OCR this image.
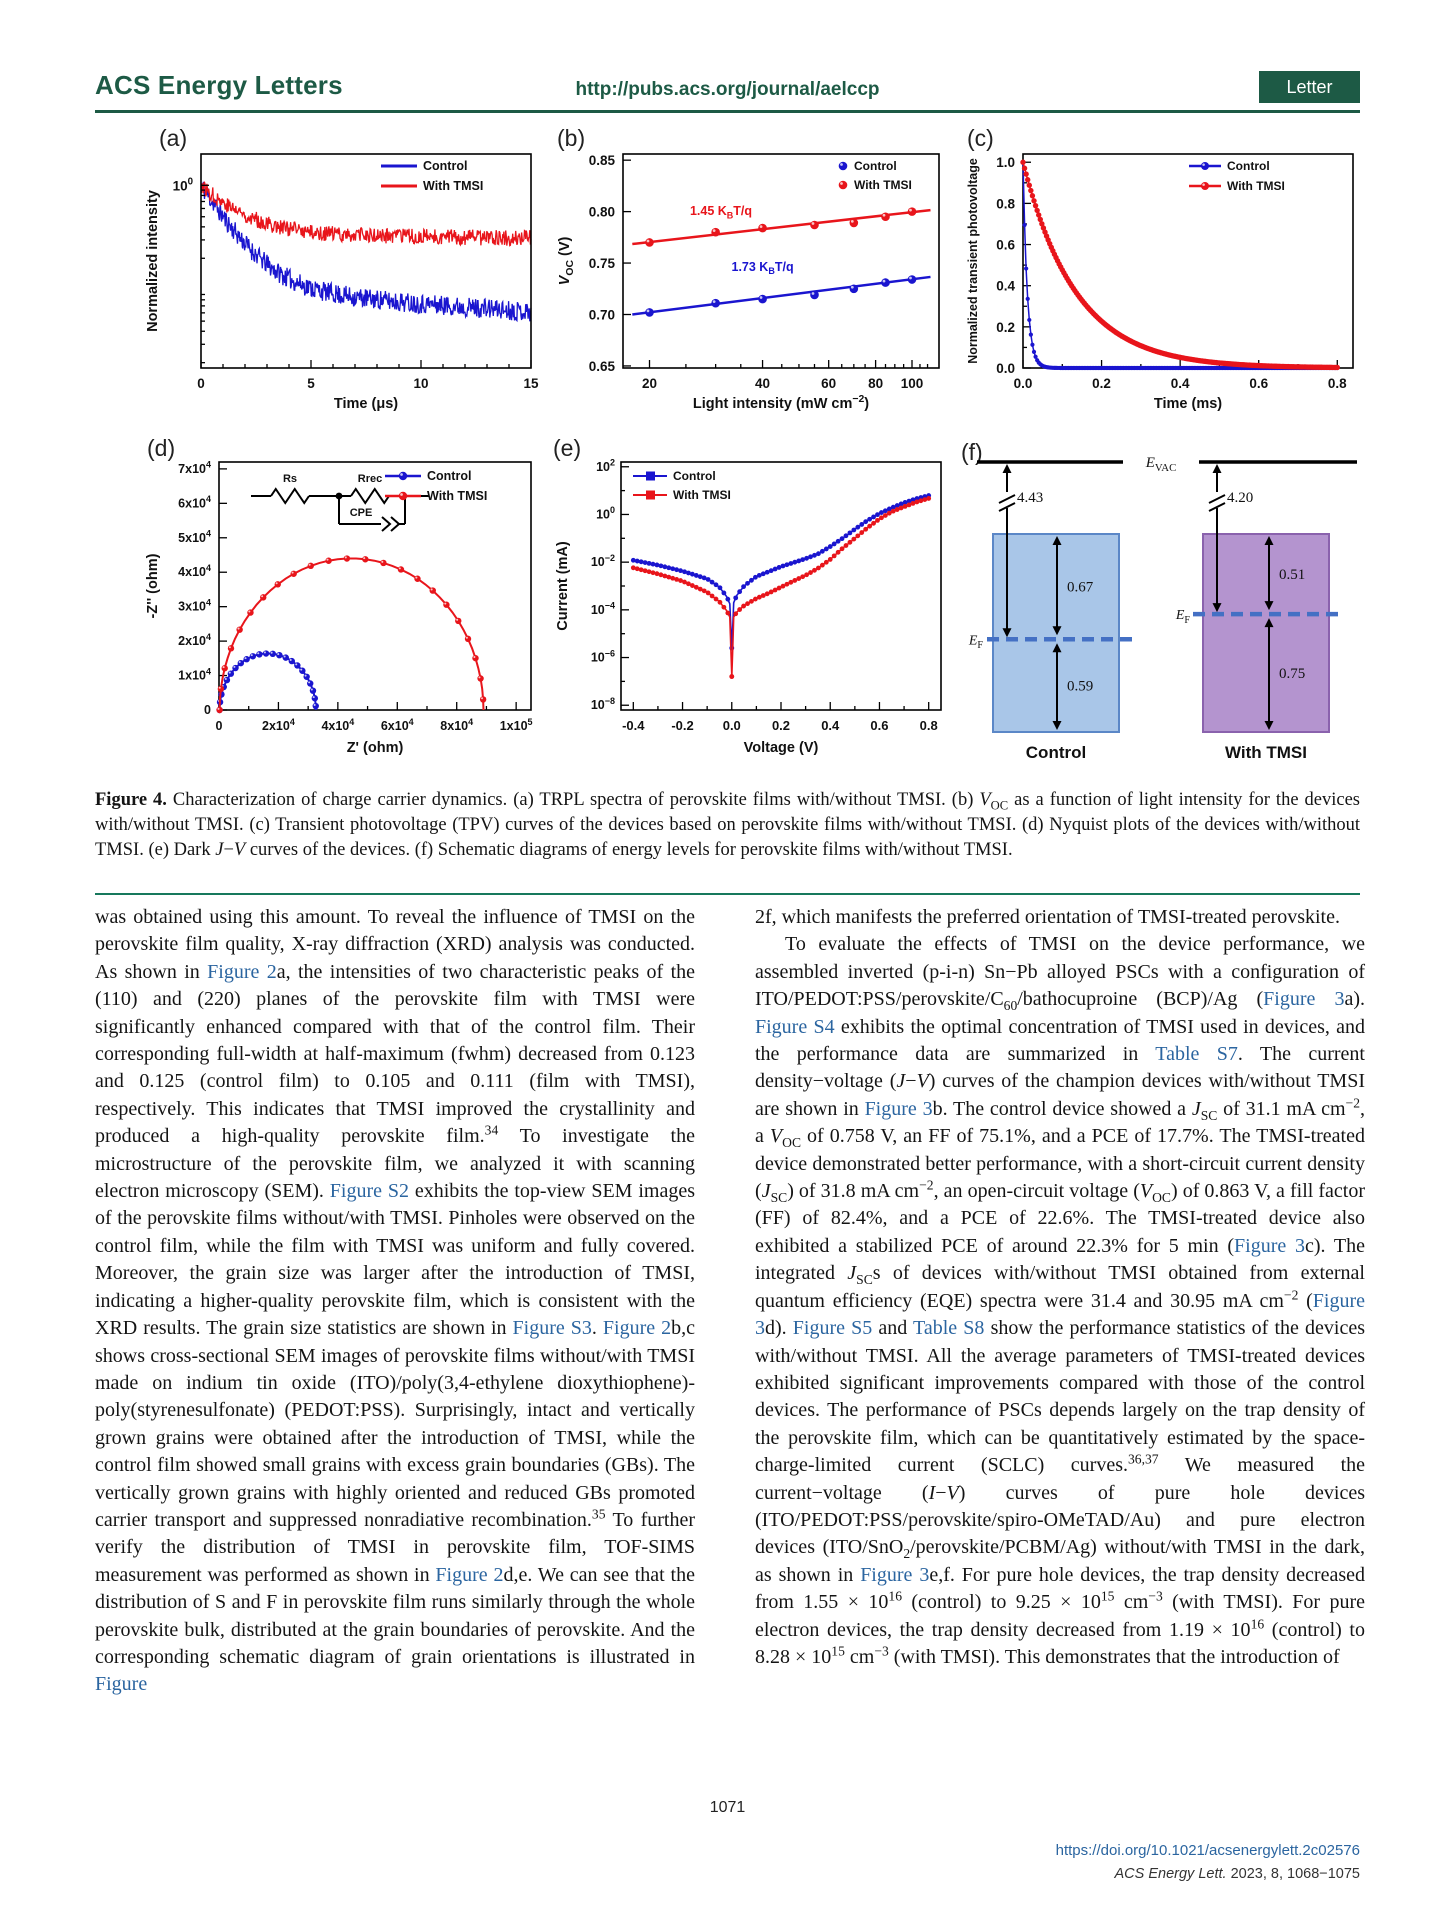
ACS Energy Letters	http://pubs.acs.org/journal/aelccp	Letter
(a)
0	5	10	15
$10^0$
Time (μs)
Normalized intensity
Control
With TMSI
(b)
20	40	60 80 100
0.65
0.70
0.75
0.80
0.85
1.73 $K_BT/q$
1.45 $K_BT/q$
Control
With TMSI
Light intensity (mW $cm^{-2}$)
$V_{OC}$ (V)
(c)
0.0	0.2	0.4	0.6	0.8
0.0
0.2
0.4
0.6
0.8
1.0	Control
With TMSI
Time (ms)
Normalized transient photovoltage
(d)
0	$2x10^4$ $4x10^4$ $6x10^4$ $8x10^4$ $1x10^5$
0
$1x10^4$
$2x10^4$
$3x10^4$
$4x10^4$
$5x10^4$
$6x10^4$
$7x10^4$
Rs	Rrec
CPE
Control
With TMSI
Z' (ohm)
-Z'' (ohm)
(e)
-0.4 -0.2 0.0 0.2 0.4 0.6 0.8
$10^2$
$10^0$
$10^{-2}$
$10^{-4}$
$10^{-6}$
$10^{-8}$
Control
With TMSI
Voltage (V)
Current (mA)
(f)
4.43
0.67
0.59
$E_F$
Control
4.20
0.51
0.75
$E_F$
With TMSI
$E_{VAC}$
Figure 4. Characterization of charge carrier dynamics. (a) TRPL spectra of perovskite films with/without TMSI. (b) $V_{OC}$ as a function of light intensity for the devices with/without TMSI. (c) Transient photovoltage (TPV) curves of the devices based on perovskite films with/without TMSI. (d) Nyquist plots of the devices with/without TMSI. (e) Dark J−V curves of the devices. (f) Schematic diagrams of energy levels for perovskite films with/without TMSI.

was obtained using this amount. To reveal the influence of TMSI on the perovskite film quality, X-ray diffraction (XRD) analysis was conducted. As shown in Figure 2a, the intensities of two characteristic peaks of the (110) and (220) planes of the perovskite film with TMSI were significantly enhanced compared with that of the control film. Their corresponding full-width at half-maximum (fwhm) decreased from 0.123 and 0.125 (control film) to 0.105 and 0.111 (film with TMSI), respectively. This indicates that TMSI improved the crystallinity and produced a high-quality perovskite film.$^{34}$ To investigate the microstructure of the perovskite film, we analyzed it with scanning electron microscopy (SEM). Figure S2 exhibits the top-view SEM images of the perovskite films without/with TMSI. Pinholes were observed on the control film, while the film with TMSI was uniform and fully covered. Moreover, the grain size was larger after the introduction of TMSI, indicating a higher-quality perovskite film, which is consistent with the XRD results. The grain size statistics are shown in Figure S3. Figure 2b,c shows cross-sectional SEM images of perovskite films without/with TMSI made on indium tin oxide (ITO)/poly(3,4-ethylene dioxythiophene)-poly(styrenesulfonate) (PEDOT:PSS). Surprisingly, intact and vertically grown grains were obtained after the introduction of TMSI, while the control film showed small grains with excess grain boundaries (GBs). The vertically grown grains with highly oriented and reduced GBs promoted carrier transport and suppressed nonradiative recombination.$^{35}$ To further verify the distribution of TMSI in perovskite film, TOF-SIMS measurement was performed as shown in Figure 2d,e. We can see that the distribution of S and F in perovskite film runs similarly through the whole perovskite bulk, distributed at the grain boundaries of perovskite. And the corresponding schematic diagram of grain orientations is illustrated in Figure

2f, which manifests the preferred orientation of TMSI-treated perovskite.

To evaluate the effects of TMSI on the device performance, we assembled inverted (p-i-n) Sn−Pb alloyed PSCs with a configuration of ITO/$PEDOT:PSS/perovskite/C_{60}$/bathocuproine (BCP)/Ag (Figure 3a). Figure S4 exhibits the optimal concentration of TMSI used in devices, and the performance data are summarized in Table S7. The current density−voltage (J−V) curves of the champion devices with/without TMSI are shown in Figure 3b. The control device showed a $J_{SC}$ of 31.1 mA $cm^{-2}$, a $V_{OC}$ of 0.758 V, an FF of 75.1%, and a PCE of 17.7%. The TMSI-treated device demonstrated better performance, with a short-circuit current density $(J_{SC})$ of 31.8 mA $cm^{-2}$, an open-circuit voltage $(V_{OC})$ of 0.863 V, a fill factor (FF) of 82.4%, and a PCE of 22.6%. The TMSI-treated device also exhibited a stabilized PCE of around 22.3% for 5 min (Figure 3c). The integrated $J_{SC}s$ of devices with/without TMSI obtained from external quantum efficiency (EQE) spectra were 31.4 and 30.95 mA $cm^{-2}$ (Figure 3d). Figure S5 and Table S8 show the performance statistics of the devices with/without TMSI. All the average parameters of TMSI-treated devices exhibited significant improvements compared with those of the control devices. The performance of PSCs depends largely on the trap density of the perovskite film, which can be quantitatively estimated by the space-charge-limited current (SCLC) curves.$^{36,37}$ We measured the current−voltage (I−V) curves of pure hole devices (ITO/PEDOT:PSS/perovskite/spiro-OMeTAD/Au) and pure electron devices (ITO/SnO$_2$/perovskite/PCBM/Ag) without/with TMSI in the dark, as shown in Figure 3e,f. For pure hole devices, the trap density decreased from $1.55 \times 10^{16}$ (control) to $9.25 \times 10^{15}$ $cm^{-3}$ (with TMSI). For pure electron devices, the trap density decreased from $1.19 \times 10^{16}$ (control) to $8.28 \times 10^{15}$ $cm^{-3}$ (with TMSI). This demonstrates that the introduction of

1071
https://doi.org/10.1021/acsenergylett.2c02576
ACS Energy Lett. 2023, 8, 1068−1075
